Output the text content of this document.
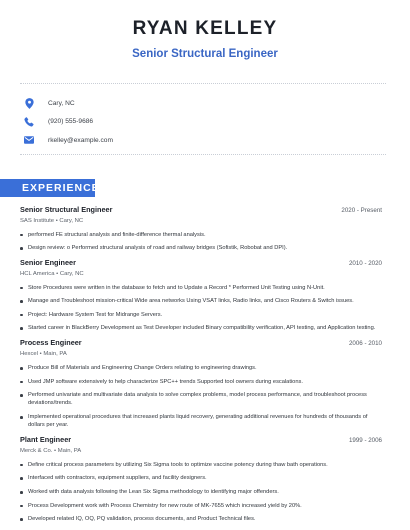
RYAN KELLEY
Senior Structural Engineer
Cary, NC
(920) 555-9686
rkelley@example.com
EXPERIENCE
Senior Structural Engineer	2020 - Present
SAS Institute • Cary, NC
performed FE structural analysis and finite-difference thermal analysis.
Design review: o Performed structural analysis of road and railway bridges (Sofistik, Robobat and DPI).
Senior Engineer	2010 - 2020
HCL America • Cary, NC
Store Procedures were written in the database to fetch and to Update a Record * Performed Unit Testing using N-Unit.
Manage and Troubleshoot mission-critical Wide area networks Using VSAT links, Radio links, and Cisco Routers & Switch issues.
Project: Hardware System Test for Midrange Servers.
Started career in BlackBerry Development as Test Developer included Binary compatibility verification, API testing, and Application testing.
Process Engineer	2006 - 2010
Hexcel • Main, PA
Produce Bill of Materials and Engineering Change Orders relating to engineering drawings.
Used JMP software extensively to help characterize SPC++ trends Supported tool owners during escalations.
Performed univariate and multivariate data analysis to solve complex problems, model process performance, and troubleshoot process deviations/trends.
Implemented operational procedures that increased plants liquid recovery, generating additional revenues for hundreds of thousands of dollars per year.
Plant Engineer	1999 - 2006
Merck & Co. • Main, PA
Define critical process parameters by utilizing Six Sigma tools to optimize vaccine potency during thaw bath operations.
Interfaced with contractors, equipment suppliers, and facility designers.
Worked with data analysis following the Lean Six Sigma methodology to identifying major offenders.
Process Development work with Process Chemistry for new route of MK-7655 which increased yield by 20%.
Developed related IQ, OQ, PQ validation, process documents, and Product Technical files.
